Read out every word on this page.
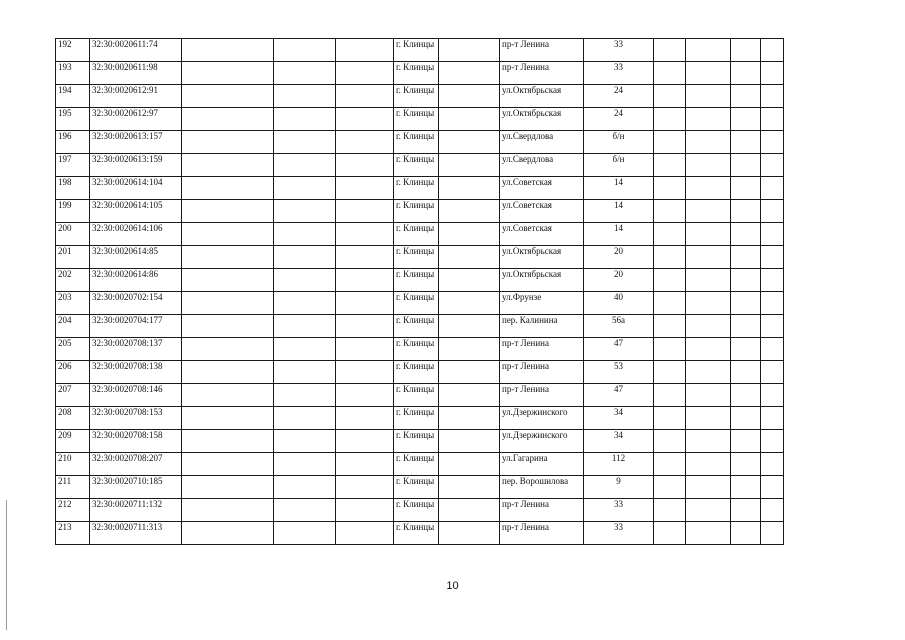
192	32:30:0020611:74				г. Клинцы		пр-т Ленина	33				
193	32:30:0020611:98				г. Клинцы		пр-т Ленина	33				
194	32:30:0020612:91				г. Клинцы		ул.Октябрьская	24				
195	32:30:0020612:97				г. Клинцы		ул.Октябрьская	24				
196	32:30:0020613:157				г. Клинцы		ул.Свердлова	б/н				
197	32:30:0020613:159				г. Клинцы		ул.Свердлова	б/н				
198	32:30:0020614:104				г. Клинцы		ул.Советская	14				
199	32:30:0020614:105				г. Клинцы		ул.Советская	14				
200	32:30:0020614:106				г. Клинцы		ул.Советская	14				
201	32:30:0020614:85				г. Клинцы		ул.Октябрьская	20				
202	32:30:0020614:86				г. Клинцы		ул.Октябрьская	20				
203	32:30:0020702:154				г. Клинцы		ул.Фрунзе	40				
204	32:30:0020704:177				г. Клинцы		пер. Калинина	56а				
205	32:30:0020708:137				г. Клинцы		пр-т Ленина	47				
206	32:30:0020708:138				г. Клинцы		пр-т Ленина	53				
207	32:30:0020708:146				г. Клинцы		пр-т Ленина	47				
208	32:30:0020708:153				г. Клинцы		ул.Дзержинского	34				
209	32:30:0020708:158				г. Клинцы		ул.Дзержинского	34				
210	32:30:0020708:207				г. Клинцы		ул.Гагарина	112				
211	32:30:0020710:185				г. Клинцы		пер. Ворошилова	9				
212	32:30:0020711:132				г. Клинцы		пр-т Ленина	33				
213	32:30:0020711:313				г. Клинцы		пр-т Ленина	33				
10
